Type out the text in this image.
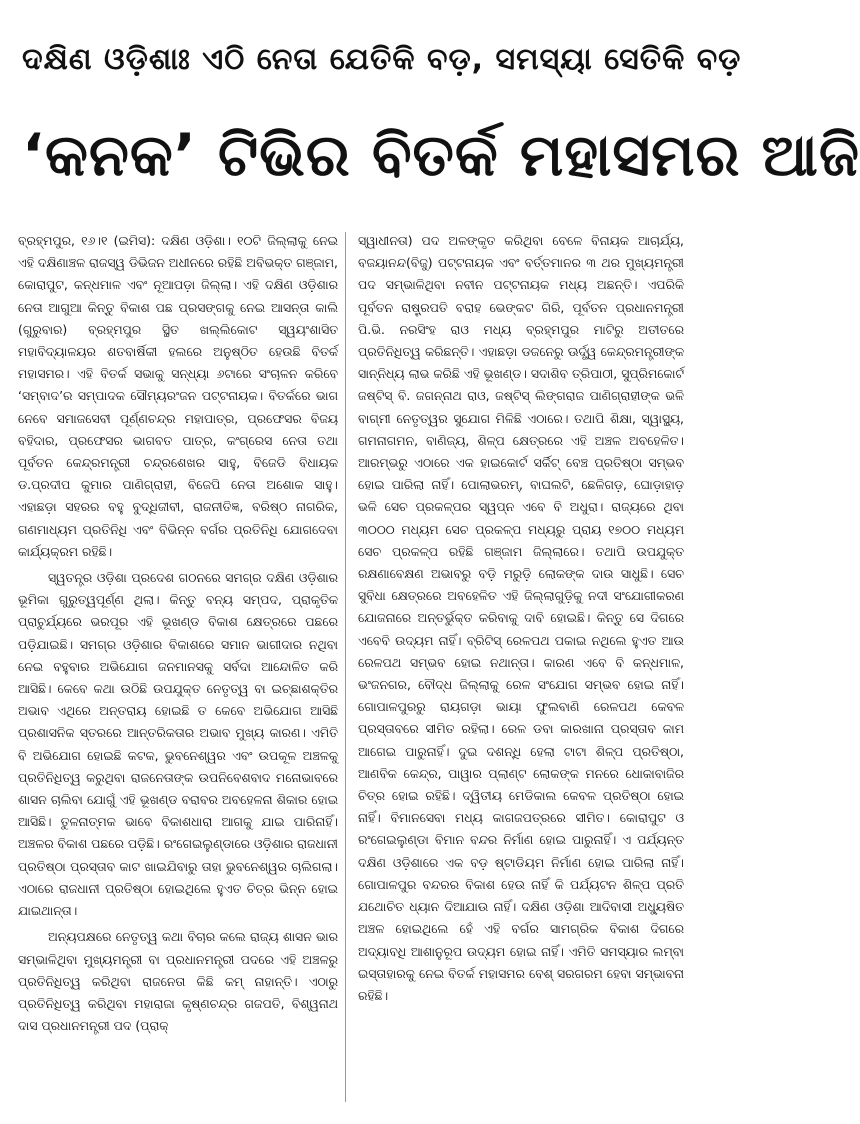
ଦକ୍ଷିଣ ଓଡ଼ିଶାଃ ଏଠି ନେତା ଯେତିକି ବଡ଼, ସମସ୍ୟା ସେତିକି ବଡ଼
‘କନକ’ ଟିଭିର ବିତର୍କ ମହାସମର ଆଜି

ବ୍ରହ୍ମପୁର, ୧୬।୧ (ଇମିସ): ଦକ୍ଷିଣ ଓଡ଼ିଶା। ୧୦ଟି ଜିଲ୍ଲାକୁ ନେଇ ଏହି ଦକ୍ଷିଣାଞ୍ଚଳ ରାଜସ୍ୱ ଡିଭିଜନ ଅଧୀନରେ ରହିଛି ଅବିଭକ୍ତ ଗଞ୍ଜାମ, କୋରାପୁଟ, କନ୍ଧମାଳ ଏବଂ ନୂଆପଡ଼ା ଜିଲ୍ଲା। ଏହି ଦକ୍ଷିଣ ଓଡ଼ିଶାର ନେତା ଆଗୁଆ କିନ୍ତୁ ବିକାଶ ପଛ ପ୍ରସଙ୍ଗକୁ ନେଇ ଆସନ୍ତା କାଲି (ଗୁରୁବାର) ବ୍ରହ୍ମପୁର ସ୍ଥିତ ଖଲ୍ଲିକୋଟ ସ୍ୱୟଂଶାସିତ ମହାବିଦ୍ୟାଳୟର ଶତବାର୍ଷିକୀ ହଲରେ ଅନୁଷ୍ଠିତ ହେଉଛି ବିତର୍କ ମହାସମର। ଏହି ବିତର୍କ ସଭାକୁ ସନ୍ଧ୍ୟା ୬ଟାରେ ସଂଚାଳନ କରିବେ ‘ସମ୍ବାଦ’ର ସମ୍ପାଦକ ସୌମ୍ୟରଂଜନ ପଟ୍ଟନାୟକ। ବିତର୍କରେ ଭାଗ ନେବେ ସମାଜସେବୀ ପୂର୍ଣ୍ଣଚନ୍ଦ୍ର ମହାପାତ୍ର, ପ୍ରଫେସର ବିଜୟ ବହିଦାର, ପ୍ରଫେସର ଭାଗବତ ପାତ୍ର, କଂଗ୍ରେସ ନେତା ତଥା ପୂର୍ବତନ କେନ୍ଦ୍ରମନ୍ତ୍ରୀ ଚନ୍ଦ୍ରଶେଖର ସାହୁ, ବିଜେଡି ବିଧାୟକ ଡ.ପ୍ରଦୀପ କୁମାର ପାଣିଗ୍ରାହୀ, ବିଜେପି ନେତା ଅଶୋକ ସାହୁ। ଏହାଛଡ଼ା ସହରର ବହୁ ବୁଦ୍ଧିଜୀବୀ, ରାଜନୀତିଜ୍ଞ, ବରିଷ୍ଠ ନାଗରିକ, ଗଣମାଧ୍ୟମ ପ୍ରତିନିଧି ଏବଂ ବିଭିନ୍ନ ବର୍ଗର ପ୍ରତିନିଧି ଯୋଗଦେବା କାର୍ଯ୍ୟକ୍ରମ ରହିଛି।

ସ୍ୱତନ୍ତ୍ର ଓଡ଼ିଶା ପ୍ରଦେଶ ଗଠନରେ ସମଗ୍ର ଦକ୍ଷିଣ ଓଡ଼ିଶାର ଭୂମିକା ଗୁରୁତ୍ୱପୂର୍ଣ୍ଣ ଥିଲା। କିନ୍ତୁ ବନ୍ୟ ସମ୍ପଦ, ପ୍ରାକୃତିକ ପ୍ରାଚୁର୍ଯ୍ୟରେ ଭରପୂର ଏହି ଭୂଖଣ୍ଡ ବିକାଶ କ୍ଷେତ୍ରରେ ପଛରେ ପଡ଼ିଯାଇଛି। ସମଗ୍ର ଓଡ଼ିଶାର ବିକାଶରେ ସମାନ ଭାଗୀଦାର ନଥିବା ନେଇ ବହୁବାର ଅଭିଯୋଗ ଜନମାନସକୁ ସର୍ବଦା ଆନ୍ଦୋଳିତ କରି ଆସିଛି। କେବେ କଥା ଉଠିଛି ଉପଯୁକ୍ତ ନେତୃତ୍ୱ ବା ଇଚ୍ଛାଶକ୍ତିର ଅଭାବ ଏଥିରେ ଅନ୍ତରାୟ ହୋଇଛି ତ କେବେ ଅଭିଯୋଗ ଆସିଛି ପ୍ରଶାସନିକ ସ୍ତରରେ ଆନ୍ତରିକତାର ଅଭାବ ମୁଖ୍ୟ କାରଣ। ଏମିତି ବି ଅଭିଯୋଗ ହୋଇଛି କଟକ, ଭୁବନେଶ୍ୱର ଏବଂ ଉପକୂଳ ଅଞ୍ଚଳକୁ ପ୍ରତିନିଧିତ୍ୱ କରୁଥିବା ରାଜନେତାଙ୍କ ଉପନିବେଶବାଦ ମନୋଭାବରେ ଶାସନ ଚାଲିବା ଯୋଗୁଁ ଏହି ଭୂଖଣ୍ଡ ବରାବର ଅବହେଳନା ଶିକାର ହୋଇ ଆସିଛି। ତୁଳନାତ୍ମକ ଭାବେ ବିକାଶଧାରା ଆଗକୁ ଯାଇ ପାରିନାହିଁ। ଅଞ୍ଚଳର ବିକାଶ ପଛରେ ପଡ଼ିଛି। ରଂଗେଇଲୁଣ୍ଡାରେ ଓଡ଼ିଶାର ରାଜଧାନୀ ପ୍ରତିଷ୍ଠା ପ୍ରସ୍ତାବ କାଟ ଖାଇଯିବାରୁ ତାହା ଭୁବନେଶ୍ୱର ଚାଲିଗଲା। ଏଠାରେ ରାଜଧାନୀ ପ୍ରତିଷ୍ଠା ହୋଇଥିଲେ ହୁଏତ ଚିତ୍ର ଭିନ୍ନ ହୋଇ ଯାଇଥାନ୍ତା।

ଅନ୍ୟପକ୍ଷରେ ନେତୃତ୍ୱ କଥା ବିଚାର କଲେ ରାଜ୍ୟ ଶାସନ ଭାର ସମ୍ଭାଳିଥିବା ମୁଖ୍ୟମନ୍ତ୍ରୀ ବା ପ୍ରଧାନମନ୍ତ୍ରୀ ପଦରେ ଏହି ଅଞ୍ଚଳରୁ ପ୍ରତିନିଧିତ୍ୱ କରିଥିବା ରାଜନେତା କିଛି କମ୍ ନାହାନ୍ତି। ଏଠାରୁ ପ୍ରତିନିଧିତ୍ୱ କରିଥିବା ମହାରାଜା କୃଷ୍ଣଚନ୍ଦ୍ର ଗଜପତି, ବିଶ୍ୱନାଥ ଦାସ ପ୍ରଧାନମନ୍ତ୍ରୀ ପଦ (ପ୍ରାକ୍

ସ୍ୱାଧୀନତା) ପଦ ଅଳଙ୍କୃତ କରିଥିବା ବେଳେ ବିନାୟକ ଆଚାର୍ଯ୍ୟ, ବଜୟାନନ୍ଦ(ବିଜୁ) ପଟ୍ଟନାୟକ ଏବଂ ବର୍ତ୍ତମାନର ୩ ଥର ମୁଖ୍ୟମନ୍ତ୍ରୀ ପଦ ସମ୍ଭାଳିଥିବା ନବୀନ ପଟ୍ଟନାୟକ ମଧ୍ୟ ଅଛନ୍ତି। ଏପରିକି ପୂର୍ବତନ ରାଷ୍ଟ୍ରପତି ବରାହ ଭେଙ୍କଟ ଗିରି, ପୂର୍ବତନ ପ୍ରଧାନମନ୍ତ୍ରୀ ପି.ଭି. ନରସିଂହ ରାଓ ମଧ୍ୟ ବ୍ରହ୍ମପୁର ମାଟିରୁ ଅତୀତରେ ପ୍ରତିନିଧିତ୍ୱ କରିଛନ୍ତି। ଏହାଛଡ଼ା ଡଜନେରୁ ଊର୍ଦ୍ଧ୍ୱ କେନ୍ଦ୍ରମନ୍ତ୍ରୀଙ୍କ ସାନ୍ନିଧ୍ୟ ଲାଭ କରିଛି ଏହି ଭୂଖଣ୍ଡ। ସଦାଶିବ ତ୍ରିପାଠୀ, ସୁପ୍ରିମକୋର୍ଟ ଜଷ୍ଟିସ୍ ବି. ଜଗନ୍ନାଥ ରାଓ, ଜଷ୍ଟିସ୍ ଲିଙ୍ଗରାଜ ପାଣିଗ୍ରାହୀଙ୍କ ଭଳି ବାଗ୍ମୀ ନେତୃତ୍ୱର ସୁଯୋଗ ମିଳିଛି ଏଠାରେ। ତଥାପି ଶିକ୍ଷା, ସ୍ୱାସ୍ଥ୍ୟ, ଗମନାଗମନ, ବାଣିଜ୍ୟ, ଶିଳ୍ପ କ୍ଷେତ୍ରରେ ଏହି ଅଞ୍ଚଳ ଅବହେଳିତ। ଆରମ୍ଭରୁ ଏଠାରେ ଏକ ହାଇକୋର୍ଟ ସର୍କିଟ୍ ବେଞ୍ଚ ପ୍ରତିଷ୍ଠା ସମ୍ଭବ ହୋଇ ପାରିଲା ନାହିଁ। ପୋଲାଭରମ୍, ବାଘଲଟି, ଛେଳିଗଡ଼, ଘୋଡ଼ାହାଡ଼ ଭଳି ସେଚ ପ୍ରକଳ୍ପର ସ୍ୱପ୍ନ ଏବେ ବି ଅଧୁରା। ରାଜ୍ୟରେ ଥିବା ୩୦୦୦ ମଧ୍ୟମ ସେଚ ପ୍ରକଳ୍ପ ମଧ୍ୟରୁ ପ୍ରାୟ ୧୭୦୦ ମଧ୍ୟମ ସେଚ ପ୍ରକଳ୍ପ ରହିଛି ଗଞ୍ଜାମ ଜିଲ୍ଲାରେ। ତଥାପି ଉପଯୁକ୍ତ ରକ୍ଷଣାବେକ୍ଷଣ ଅଭାବରୁ ବଡ଼ି ମରୁଡ଼ି ଲୋକଙ୍କ ଦାଉ ସାଧୁଛି। ସେଚ ସୁବିଧା କ୍ଷେତ୍ରରେ ଅବହେଳିତ ଏହି ଜିଲ୍ଲାଗୁଡ଼ିକୁ ନଦୀ ସଂଯୋଗୀକରଣ ଯୋଜନାରେ ଅନ୍ତର୍ଭୁକ୍ତ କରିବାକୁ ଦାବି ହୋଇଛି। କିନ୍ତୁ ସେ ଦିଗରେ ଏବେବି ଉଦ୍ୟମ ନାହିଁ। ବ୍ରିଟିସ୍ ରେଳପଥ ପକାଇ ନଥିଲେ ହୁଏତ ଆଉ ରେଳପଥ ସମ୍ଭବ ହୋଇ ନଥାନ୍ତା। କାରଣ ଏବେ ବି କନ୍ଧମାଳ, ଭଂଜନଗର, ବୌଦ୍ଧ ଜିଲ୍ଲାକୁ ରେଳ ସଂଯୋଗ ସମ୍ଭବ ହୋଇ ନାହିଁ। ଗୋପାଳପୁରରୁ ରାୟଗଡ଼ା ଭାୟା ଫୁଲବାଣି ରେଳପଥ କେବଳ ପ୍ରସ୍ତାବରେ ସୀମିତ ରହିଲା। ରେଳ ଡବା କାରଖାନା ପ୍ରସ୍ତାବ କାମ ଆଗେଇ ପାରୁନାହିଁ। ଦୁଇ ଦଶନ୍ଧି ହେଲା ଟାଟା ଶିଳ୍ପ ପ୍ରତିଷ୍ଠା, ଆଣବିକ କେନ୍ଦ୍ର, ପାୱାର ପ୍ଲାଣ୍ଟ ଲୋକଙ୍କ ମନରେ ଧୋକାବାଜିର ଚିତ୍ର ହୋଇ ରହିଛି। ଦ୍ୱିତୀୟ ମେଡିକାଲ କେବଳ ପ୍ରତିଷ୍ଠା ହୋଇ ନାହିଁ। ବିମାନସେବା ମଧ୍ୟ କାଗଜପତ୍ରରେ ସୀମିତ। କୋରାପୁଟ ଓ ରଂଗେଇଲୁଣ୍ଡା ବିମାନ ବନ୍ଦର ନିର୍ମାଣ ହୋଇ ପାରୁନାହିଁ। ଏ ପର୍ଯ୍ୟନ୍ତ ଦକ୍ଷିଣ ଓଡ଼ିଶାରେ ଏକ ବଡ଼ ଷ୍ଟାଡିୟମ ନିର୍ମାଣ ହୋଇ ପାରିଲା ନାହିଁ। ଗୋପାଳପୁର ବନ୍ଦରର ବିକାଶ ହେଉ ନାହିଁ କି ପର୍ଯ୍ୟଟନ ଶିଳ୍ପ ପ୍ରତି ଯଥୋଚିତ ଧ୍ୟାନ ଦିଆଯାଉ ନାହିଁ। ଦକ୍ଷିଣ ଓଡ଼ିଶା ଆଦିବାସୀ ଅଧ୍ୟୁଷିତ ଅଞ୍ଚଳ ହୋଇଥିଲେ ହେଁ ଏହି ବର୍ଗର ସାମଗ୍ରିକ ବିକାଶ ଦିଗରେ ଅଦ୍ୟାବଧି ଆଶାନୁରୂପ ଉଦ୍ୟମ ହୋଇ ନାହିଁ। ଏମିତି ସମସ୍ୟାର ଲମ୍ବା ଇସ୍ତାହାରକୁ ନେଇ ବିତର୍କ ମହାସମର ବେଶ୍ ସରଗରମ ହେବା ସମ୍ଭାବନା ରହିଛି।
